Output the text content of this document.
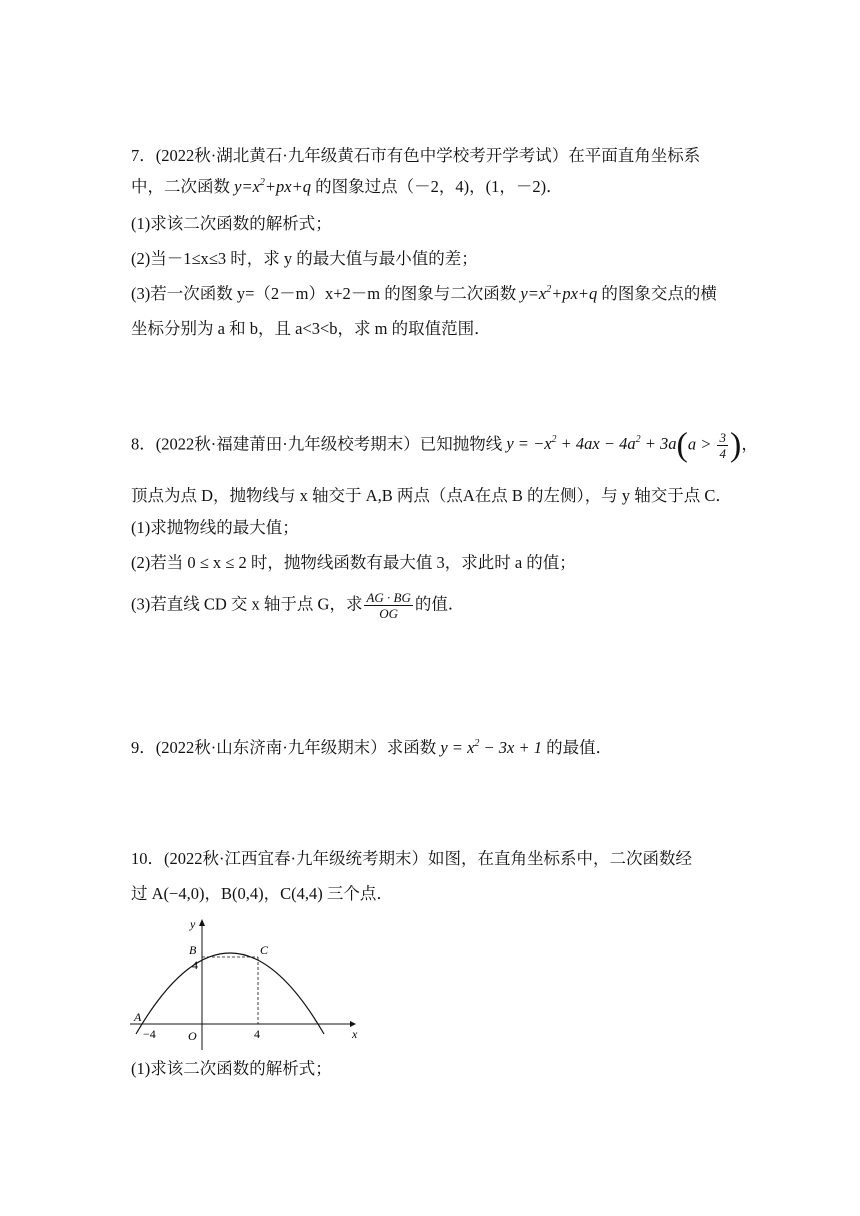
7．(2022秋·湖北黄石·九年级黄石市有色中学校考开学考试）在平面直角坐标系
中，二次函数 $y=x^2+px+q$ 的图象过点（－2，4)，(1，－2)．
(1)求该二次函数的解析式；
(2)当－1≤x≤3 时，求 y 的最大值与最小值的差；
(3)若一次函数 y=（2－m）x+2－m 的图象与二次函数 $y=x^2+px+q$ 的图象交点的横
坐标分别为 a 和 b，且 a<3<b，求 m 的取值范围．
8．(2022秋·福建莆田·九年级校考期末）已知抛物线 $y = -x^2 + 4ax - 4a^2 + 3a(a > \frac{3}{4}$ )，
顶点为点 D，抛物线与 x 轴交于 A,B 两点（点A在点 B 的左侧），与 y 轴交于点 C．
(1)求抛物线的最大值；
(2)若当 0 ≤ x ≤ 2 时，抛物线函数有最大值 3，求此时 a 的值；
(3)若直线 CD 交 x 轴于点 G，求 $\frac{AG \cdot BG}{OG}$ 的值．
9．(2022秋·山东济南·九年级期末）求函数 $y = x^2 - 3x + 1$ 的最值．
10．(2022秋·江西宜春·九年级统考期末）如图，在直角坐标系中，二次函数经
过 A(−4,0)，B(0,4)，C(4,4) 三个点．
x
y
O
A
B	C
−4	4
4
(1)求该二次函数的解析式；
